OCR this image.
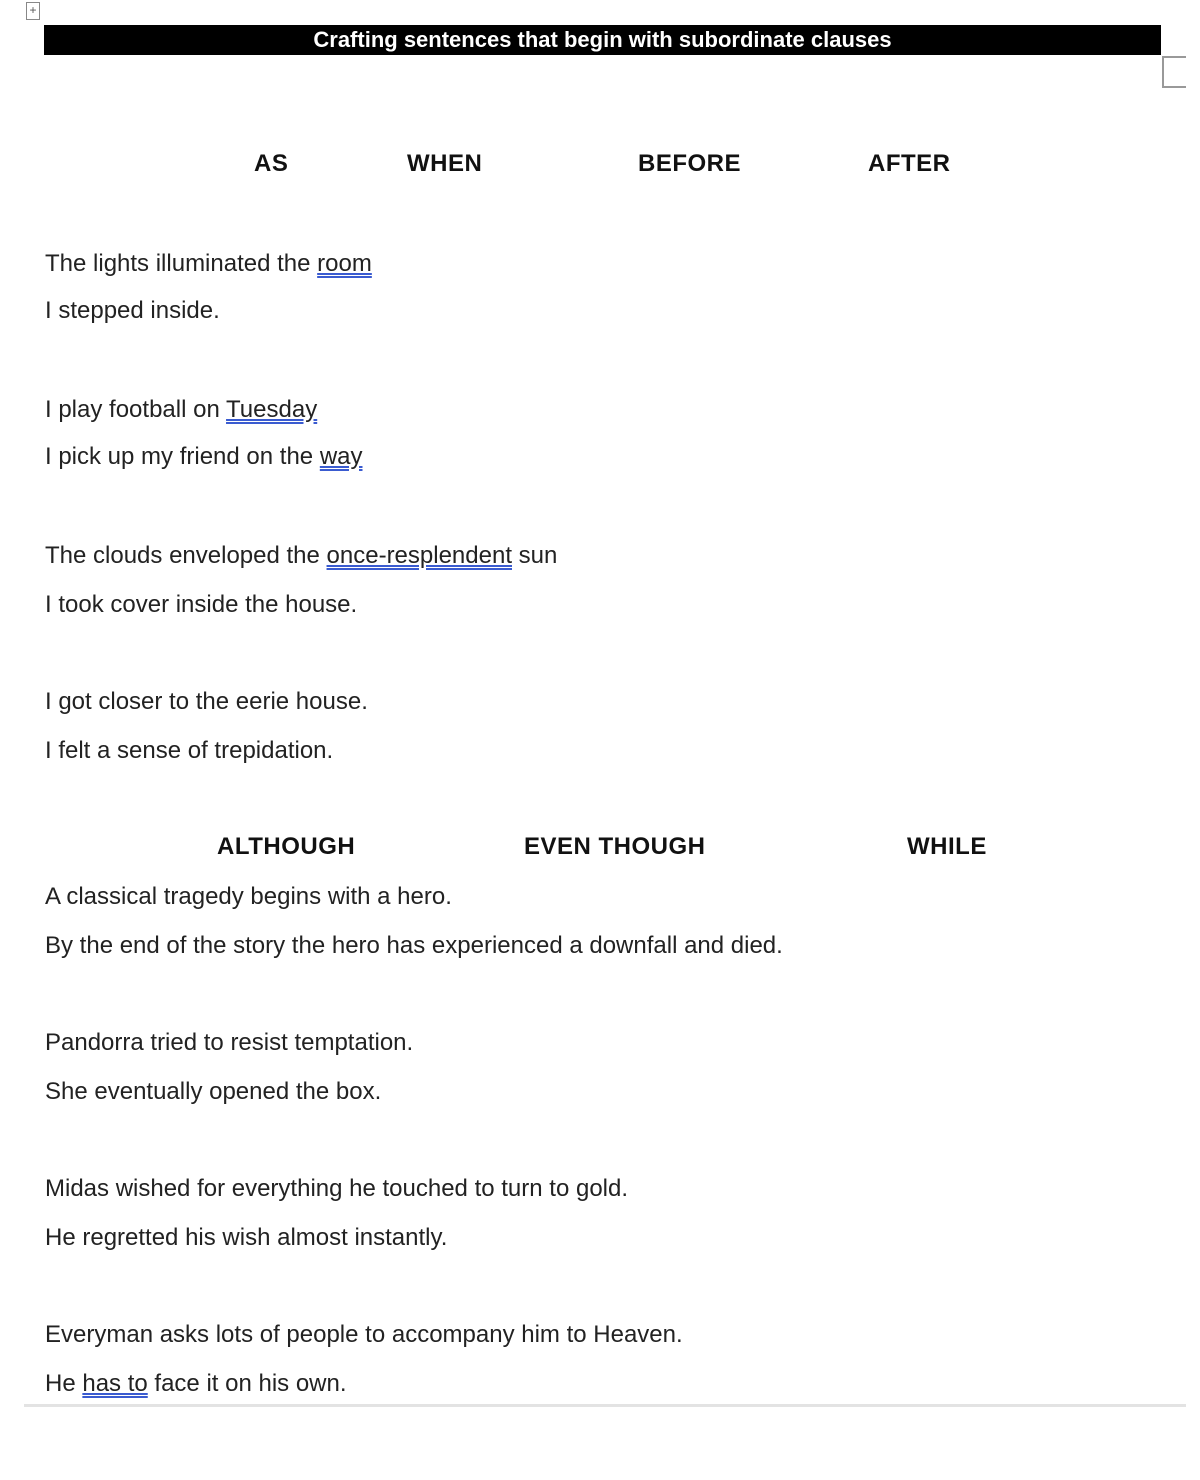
+
Crafting sentences that begin with subordinate clauses
AS	WHEN	BEFORE	AFTER
The lights illuminated the room
I stepped inside.
I play football on Tuesday
I pick up my friend on the way
The clouds enveloped the once-resplendent sun
I took cover inside the house.
I got closer to the eerie house.
I felt a sense of trepidation.
ALTHOUGH	EVEN THOUGH	WHILE
A classical tragedy begins with a hero.
By the end of the story the hero has experienced a downfall and died.
Pandorra tried to resist temptation.
She eventually opened the box.
Midas wished for everything he touched to turn to gold.
He regretted his wish almost instantly.
Everyman asks lots of people to accompany him to Heaven.
He has to face it on his own.
